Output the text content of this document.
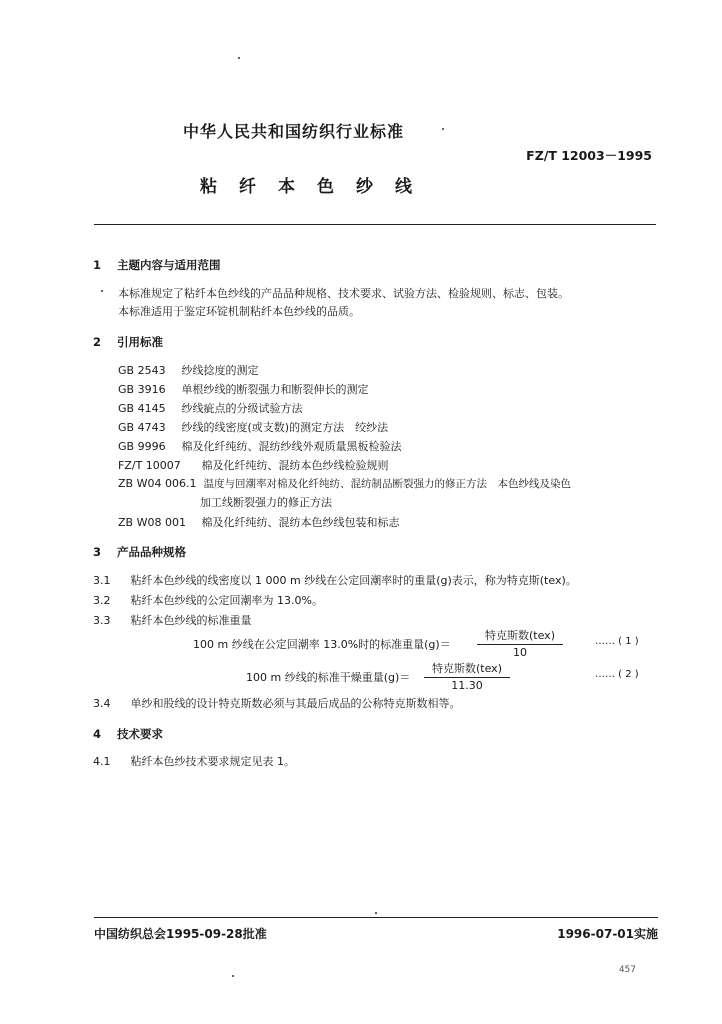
中华人民共和国纺织行业标准
FZ/T 12003－1995
粘纤本色纱线
1 主题内容与适用范围
本标准规定了粘纤本色纱线的产品品种规格、技术要求、试验方法、检验规则、标志、包装。
本标准适用于鉴定环锭机制粘纤本色纱线的品质。
2 引用标准
GB 2543 纱线捻度的测定
GB 3916 单根纱线的断裂强力和断裂伸长的测定
GB 4145 纱线疵点的分级试验方法
GB 4743 纱线的线密度(或支数)的测定方法　绞纱法
GB 9996 棉及化纤纯纺、混纺纱线外观质量黑板检验法
FZ/T 10007 棉及化纤纯纺、混纺本色纱线检验规则
ZB W04 006.1 温度与回潮率对棉及化纤纯纺、混纺制品断裂强力的修正方法　本色纱线及染色
加工线断裂强力的修正方法
ZB W08 001 棉及化纤纯纺、混纺本色纱线包装和标志
3 产品品种规格
3.1 粘纤本色纱线的线密度以 1 000 m 纱线在公定回潮率时的重量(g)表示，称为特克斯(tex)。
3.2 粘纤本色纱线的公定回潮率为 13.0%。
3.3 粘纤本色纱线的标准重量
100 m 纱线在公定回潮率 13.0%时的标准重量(g)＝
特克斯数(tex)
10
…… ( 1 )
100 m 纱线的标准干燥重量(g)＝
特克斯数(tex)
11.30
…… ( 2 )
3.4 单纱和股线的设计特克斯数必须与其最后成品的公称特克斯数相等。
4 技术要求
4.1 粘纤本色纱技术要求规定见表 1。
中国纺织总会1995-09-28批准	1996-07-01实施
457
